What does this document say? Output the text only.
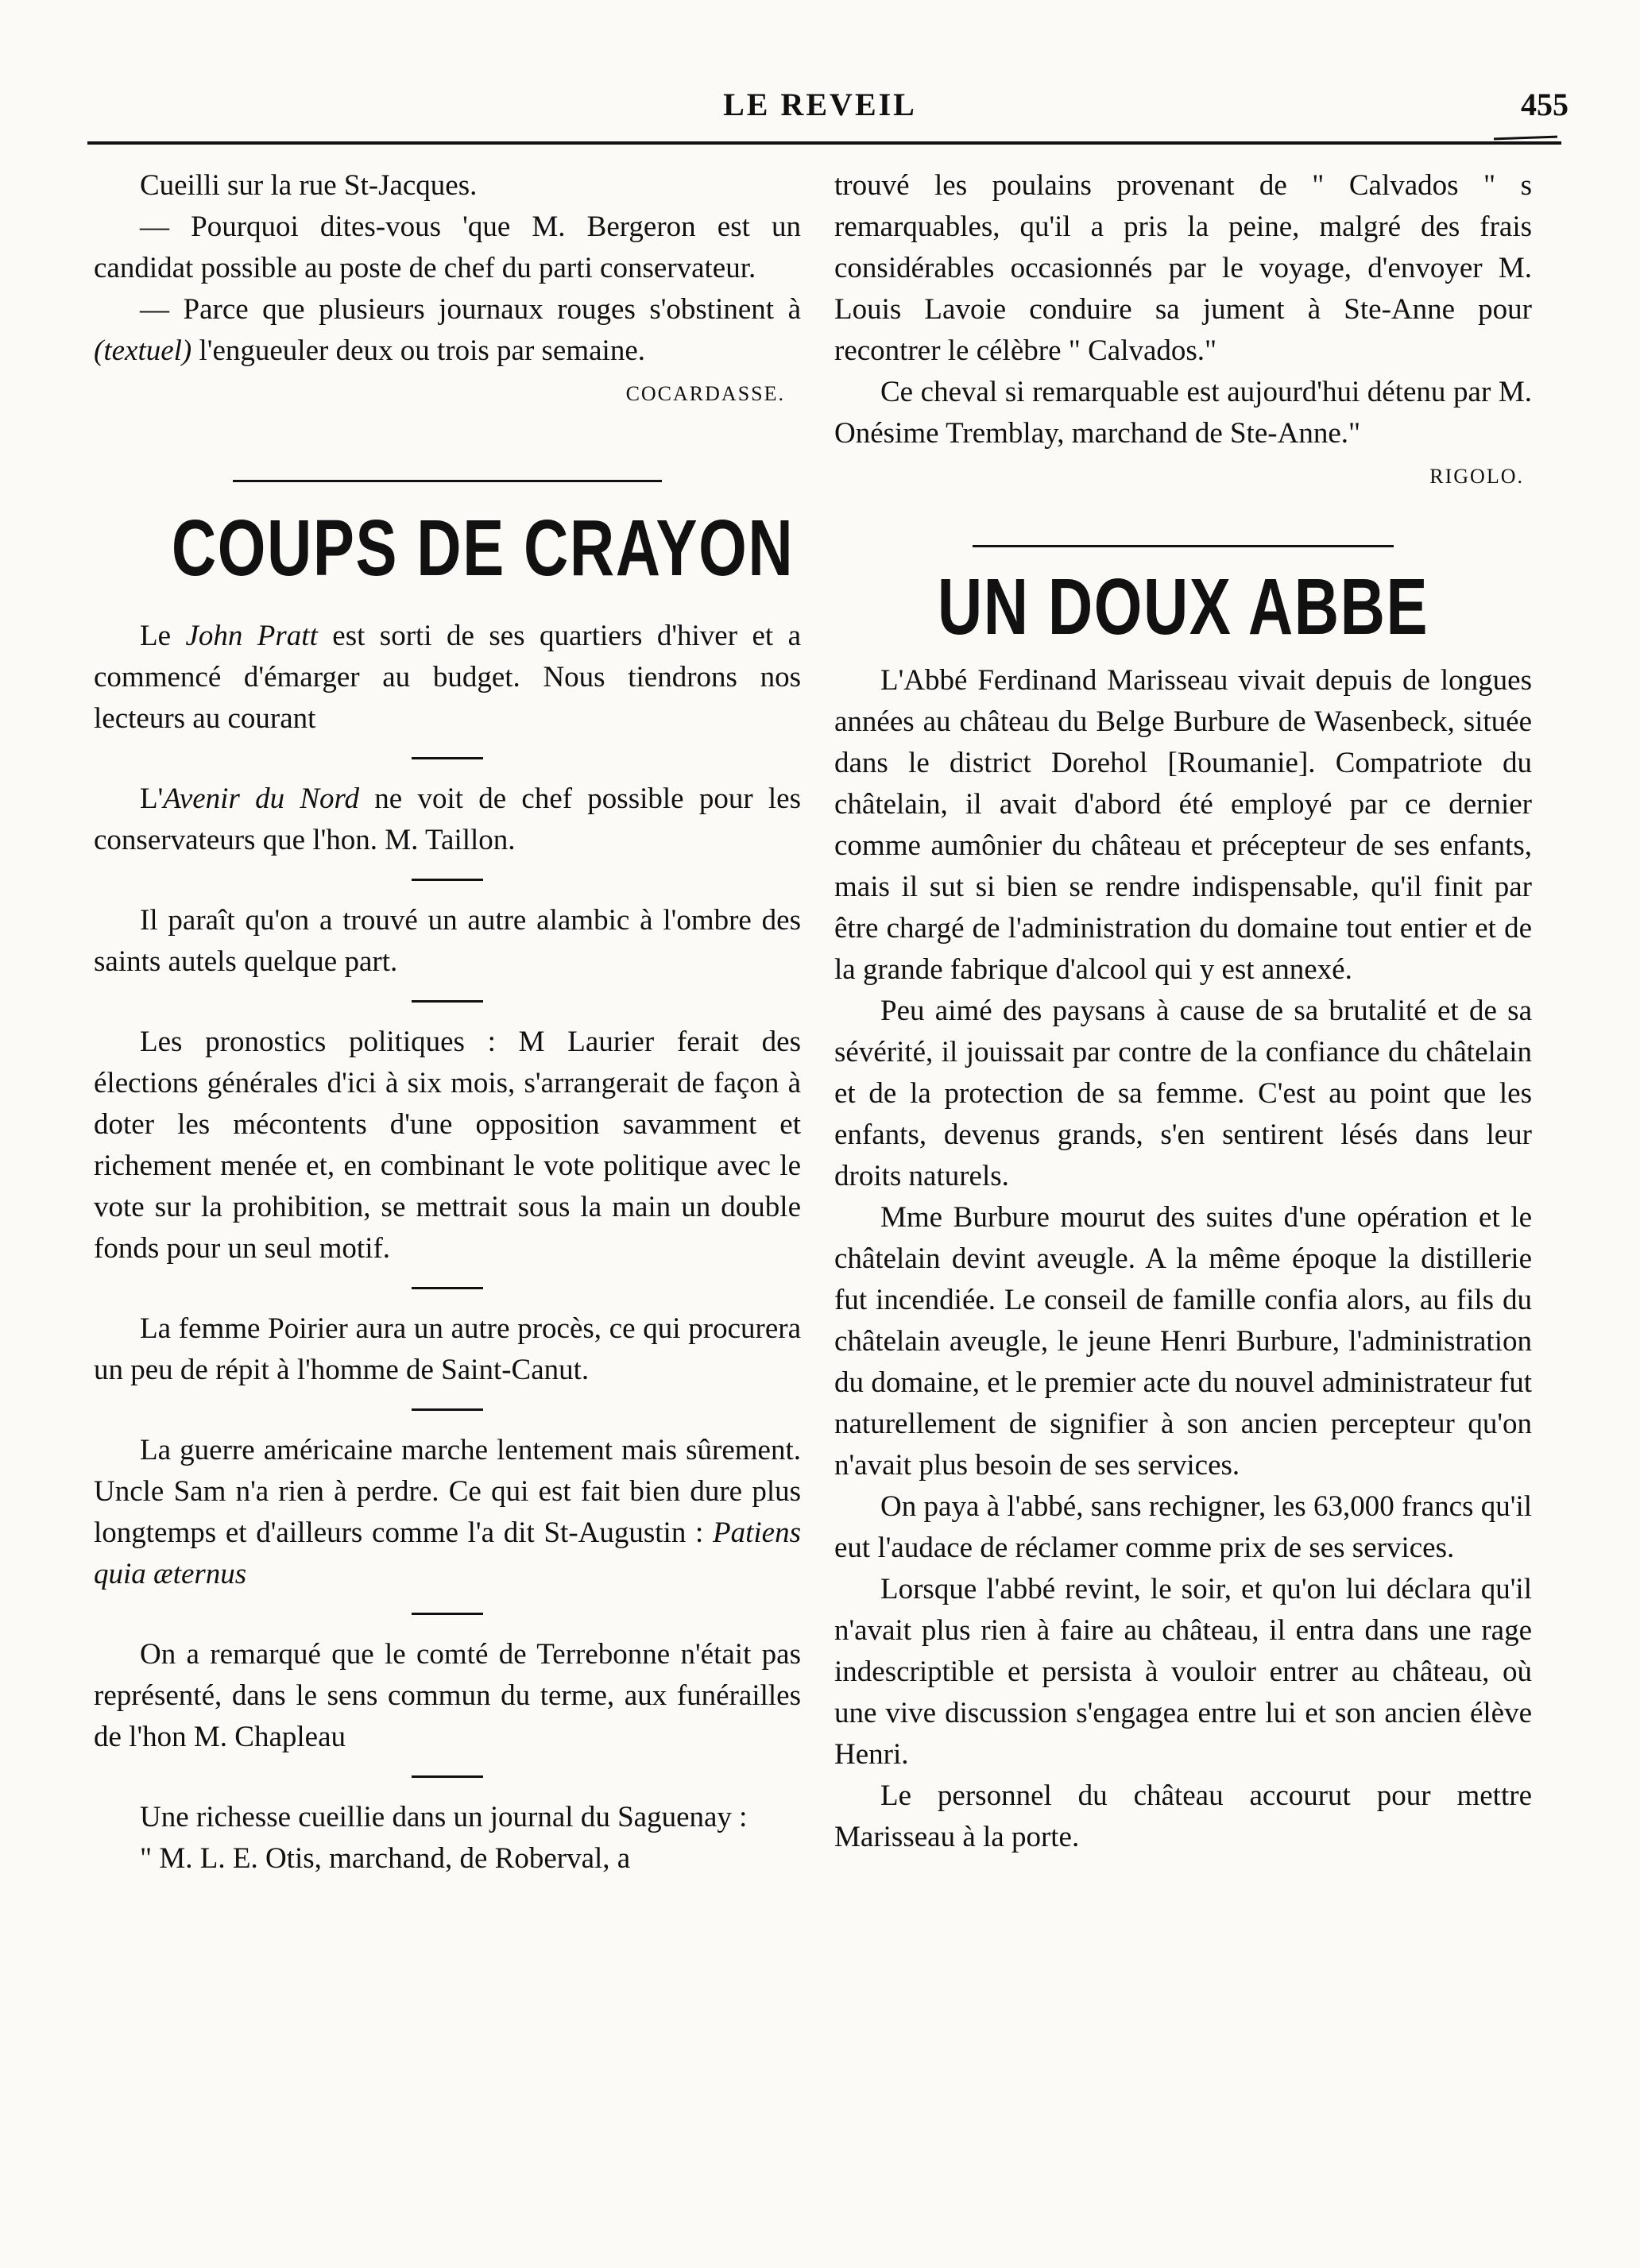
LE REVEIL	455

Cueilli sur la rue St-Jacques.

— Pourquoi dites-vous 'que M. Bergeron est un candidat possible au poste de chef du parti conservateur.

— Parce que plusieurs journaux rouges s'obstinent à (textuel) l'engueuler deux ou trois par semaine.

COCARDASSE.
COUPS DE CRAYON

Le John Pratt est sorti de ses quartiers d'hiver et a commencé d'émarger au budget. Nous tiendrons nos lecteurs au courant

L'Avenir du Nord ne voit de chef possible pour les conservateurs que l'hon. M. Taillon.

Il paraît qu'on a trouvé un autre alambic à l'ombre des saints autels quelque part.

Les pronostics politiques : M Laurier ferait des élections générales d'ici à six mois, s'arrangerait de façon à doter les mécontents d'une opposition savamment et richement menée et, en combinant le vote politique avec le vote sur la prohibition, se mettrait sous la main un double fonds pour un seul motif.

La femme Poirier aura un autre procès, ce qui procurera un peu de répit à l'homme de Saint-Canut.

La guerre américaine marche lentement mais sûrement. Uncle Sam n'a rien à perdre. Ce qui est fait bien dure plus longtemps et d'ailleurs comme l'a dit St-Augustin : Patiens quia æternus

On a remarqué que le comté de Terrebonne n'était pas représenté, dans le sens commun du terme, aux funérailles de l'hon M. Chapleau

Une richesse cueillie dans un journal du Saguenay :

" M. L. E. Otis, marchand, de Roberval, a

trouvé les poulains provenant de " Calvados " s remarquables, qu'il a pris la peine, malgré des frais considérables occasionnés par le voyage, d'envoyer M. Louis Lavoie conduire sa jument à Ste-Anne pour recontrer le célèbre " Calvados."

Ce cheval si remarquable est aujourd'hui détenu par M. Onésime Tremblay, marchand de Ste-Anne."

RIGOLO.
UN DOUX ABBE

L'Abbé Ferdinand Marisseau vivait depuis de longues années au château du Belge Burbure de Wasenbeck, située dans le district Dorehol [Roumanie]. Compatriote du châtelain, il avait d'abord été employé par ce dernier comme aumônier du château et précepteur de ses enfants, mais il sut si bien se rendre indispensable, qu'il finit par être chargé de l'administration du domaine tout entier et de la grande fabrique d'alcool qui y est annexé.

Peu aimé des paysans à cause de sa brutalité et de sa sévérité, il jouissait par contre de la confiance du châtelain et de la protection de sa femme. C'est au point que les enfants, devenus grands, s'en sentirent lésés dans leur droits naturels.

Mme Burbure mourut des suites d'une opération et le châtelain devint aveugle. A la même époque la distillerie fut incendiée. Le conseil de famille confia alors, au fils du châtelain aveugle, le jeune Henri Burbure, l'administration du domaine, et le premier acte du nouvel administrateur fut naturellement de signifier à son ancien percepteur qu'on n'avait plus besoin de ses services.

On paya à l'abbé, sans rechigner, les 63,000 francs qu'il eut l'audace de réclamer comme prix de ses services.

Lorsque l'abbé revint, le soir, et qu'on lui déclara qu'il n'avait plus rien à faire au château, il entra dans une rage indescriptible et persista à vouloir entrer au château, où une vive discussion s'engagea entre lui et son ancien élève Henri.

Le personnel du château accourut pour mettre Marisseau à la porte.
